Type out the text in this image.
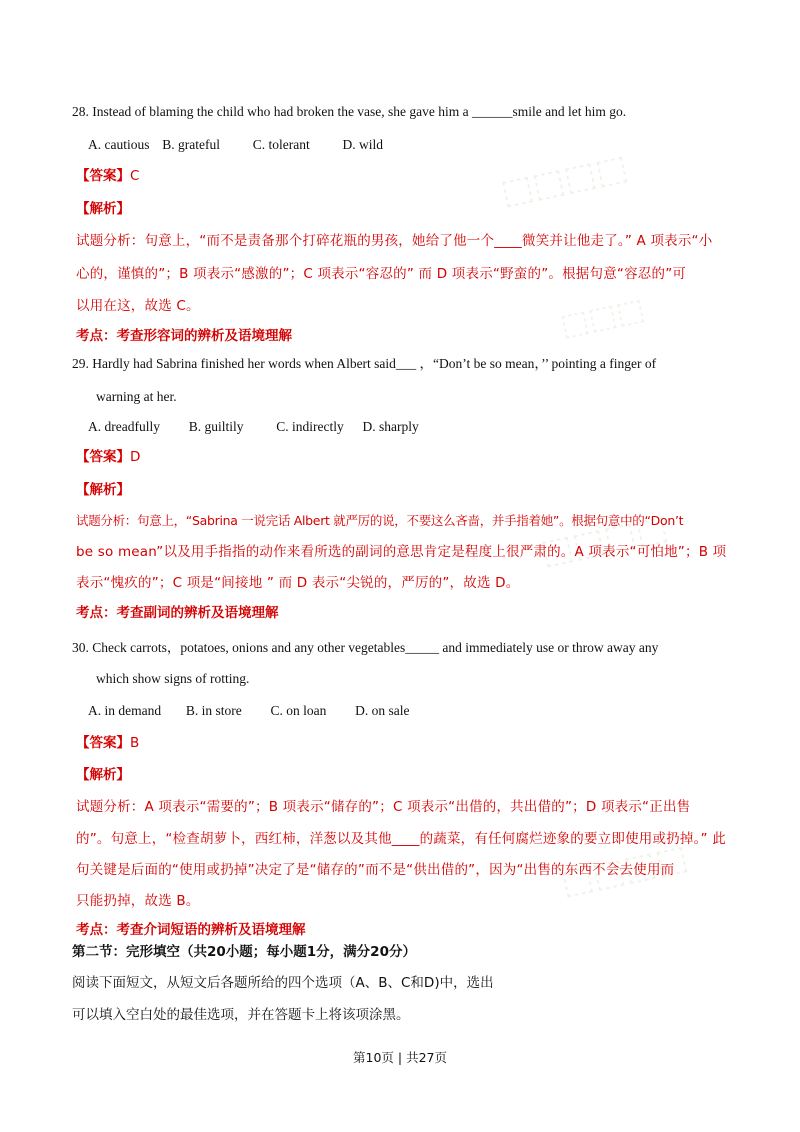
⬚⬚⬚⬚
⬚⬚⬚
⬚⬚⬚⬚
⬚⬚⬚⬚
28. Instead of blaming the child who had broken the vase, she gave him a ______smile and let him go.
A. cautious B. grateful C. tolerant D. wild
【答案】C
【解析】
试题分析：句意上，“而不是责备那个打碎花瓶的男孩，她给了他一个____微笑并让他走了。” A 项表示“小
心的，谨慎的”；B 项表示“感激的”；C 项表示“容忍的” 而 D 项表示“野蛮的”。根据句意“容忍的”可
以用在这，故选 C。
考点：考查形容词的辨析及语境理解
29. Hardly had Sabrina finished her words when Albert said___ ，“Don’t be so mean，’’ pointing a finger of
warning at her.
A. dreadfully B. guiltily C. indirectly D. sharply
【答案】D
【解析】
试题分析：句意上，“Sabrina 一说完话 Albert 就严厉的说，不要这么吝啬，并手指着她”。根据句意中的“Don’t
be so mean”以及用手指指的动作来看所选的副词的意思肯定是程度上很严肃的。A 项表示“可怕地”；B 项
表示“愧疚的”；C 项是“间接地 ” 而 D 表示“尖锐的，严厉的”，故选 D。
考点：考查副词的辨析及语境理解
30. Check carrots，potatoes, onions and any other vegetables_____ and immediately use or throw away any
which show signs of rotting.
A. in demand B. in store C. on loan D. on sale
【答案】B
【解析】
试题分析：A 项表示“需要的”；B 项表示“储存的”；C 项表示“出借的，共出借的”；D 项表示“正出售
的”。句意上，“检查胡萝卜，西红柿，洋葱以及其他____的蔬菜，有任何腐烂迹象的要立即使用或扔掉。” 此
句关键是后面的“使用或扔掉”决定了是“储存的”而不是“供出借的”，因为“出售的东西不会去使用而
只能扔掉，故选 B。
考点：考查介词短语的辨析及语境理解
第二节：完形填空（共20小题；每小题1分，满分20分）
阅读下面短文，从短文后各题所给的四个选项（A、B、C和D)中，选出
可以填入空白处的最佳选项，并在答题卡上将该项涂黑。
第10页 | 共27页
